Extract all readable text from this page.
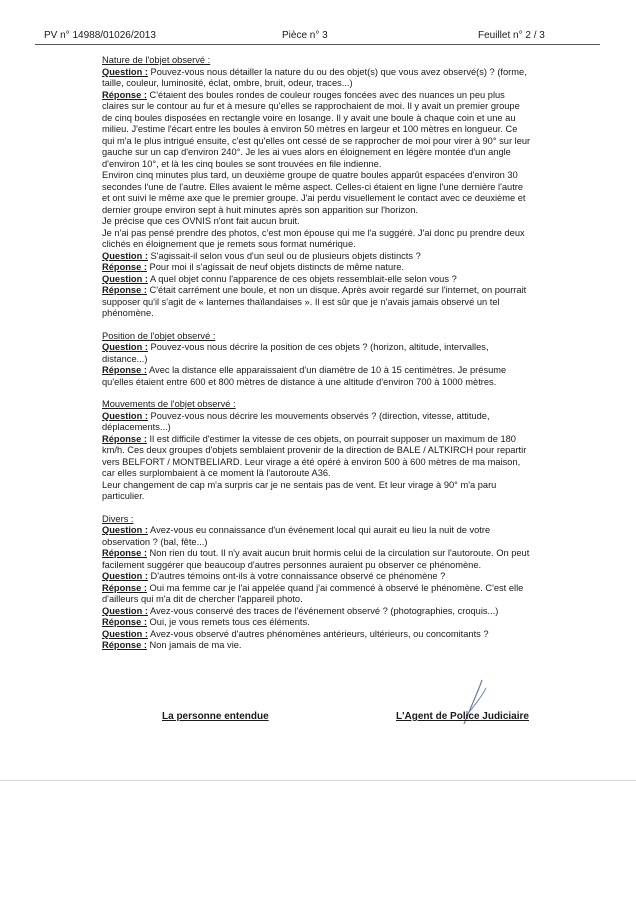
PV n° 14988/01026/2013	Pièce n° 3	Feuillet n° 2 / 3

Nature de l'objet observé :

Question : Pouvez-vous nous détailler la nature du ou des objet(s) que vous avez observé(s) ? (forme, taille, couleur, luminosité, éclat, ombre, bruit, odeur, traces...)

Réponse : C'étaient des boules rondes de couleur rouges foncées avec des nuances un peu plus claires sur le contour au fur et à mesure qu'elles se rapprochaient de moi. Il y avait un premier groupe de cinq boules disposées en rectangle voire en losange. Il y avait une boule à chaque coin et une au milieu. J'estime l'écart entre les boules à environ 50 mètres en largeur et 100 mètres en longueur. Ce qui m'a le plus intrigué ensuite, c'est qu'elles ont cessé de se rapprocher de moi pour virer à 90° sur leur gauche sur un cap d'environ 240°. Je les ai vues alors en éloignement en légère montée d'un angle d'environ 10°, et là les cinq boules se sont trouvées en file indienne.

Environ cinq minutes plus tard, un deuxième groupe de quatre boules apparût espacées d'environ 30 secondes l'une de l'autre. Elles avaient le même aspect. Celles-ci étaient en ligne l'une dernière l'autre et ont suivi le même axe que le premier groupe. J'ai perdu visuellement le contact avec ce deuxième et dernier groupe environ sept à huit minutes après son apparition sur l'horizon.

Je précise que ces OVNIS n'ont fait aucun bruit.

Je n'ai pas pensé prendre des photos, c'est mon épouse qui me l'a suggéré. J'ai donc pu prendre deux clichés en éloignement que je remets sous format numérique.

Question : S'agissait-il selon vous d'un seul ou de plusieurs objets distincts ?

Réponse : Pour moi il s'agissait de neuf objets distincts de même nature.

Question : A quel objet connu l'apparence de ces objets ressemblait-elle selon vous ?

Réponse : C'était carrément une boule, et non un disque. Après avoir regardé sur l'internet, on pourrait supposer qu'il s'agit de « lanternes thaïlandaises ». Il est sûr que je n'avais jamais observé un tel phénomène.

Position de l'objet observé :

Question : Pouvez-vous nous décrire la position de ces objets ? (horizon, altitude, intervalles, distance...)

Réponse : Avec la distance elle apparaissaient d'un diamètre de 10 à 15 centimètres. Je présume qu'elles étaient entre 600 et 800 mètres de distance à une altitude d'environ 700 à 1000 mètres.

Mouvements de l'objet observé :

Question : Pouvez-vous nous décrire les mouvements observés ? (direction, vitesse, attitude, déplacements...)

Réponse : Il est difficile d'estimer la vitesse de ces objets, on pourrait supposer un maximum de 180 km/h. Ces deux groupes d'objets semblaient provenir de la direction de BALE / ALTKIRCH pour repartir vers BELFORT / MONTBELIARD. Leur virage a été opéré à environ 500 à 600 mètres de ma maison, car elles surplombaient à ce moment là l'autoroute A36.

Leur changement de cap m'a surpris car je ne sentais pas de vent. Et leur virage à 90° m'a paru particulier.

Divers :

Question : Avez-vous eu connaissance d'un événement local qui aurait eu lieu la nuit de votre observation ? (bal, fête...)

Réponse : Non rien du tout. Il n'y avait aucun bruit hormis celui de la circulation sur l'autoroute. On peut facilement suggérer que beaucoup d'autres personnes auraient pu observer ce phénomène.

Question : D'autres témoins ont-ils à votre connaissance observé ce phénomène ?

Réponse : Oui ma femme car je l'ai appelée quand j'ai commencé à observé le phénomène. C'est elle d'ailleurs qui m'a dit de chercher l'appareil photo.

Question : Avez-vous conservé des traces de l'événement observé ? (photographies, croquis...)

Réponse : Oui, je vous remets tous ces éléments.

Question : Avez-vous observé d'autres phénomènes antérieurs, ultérieurs, ou concomitants ?

Réponse : Non jamais de ma vie.

La personne entendue	L'Agent de Police Judiciaire
